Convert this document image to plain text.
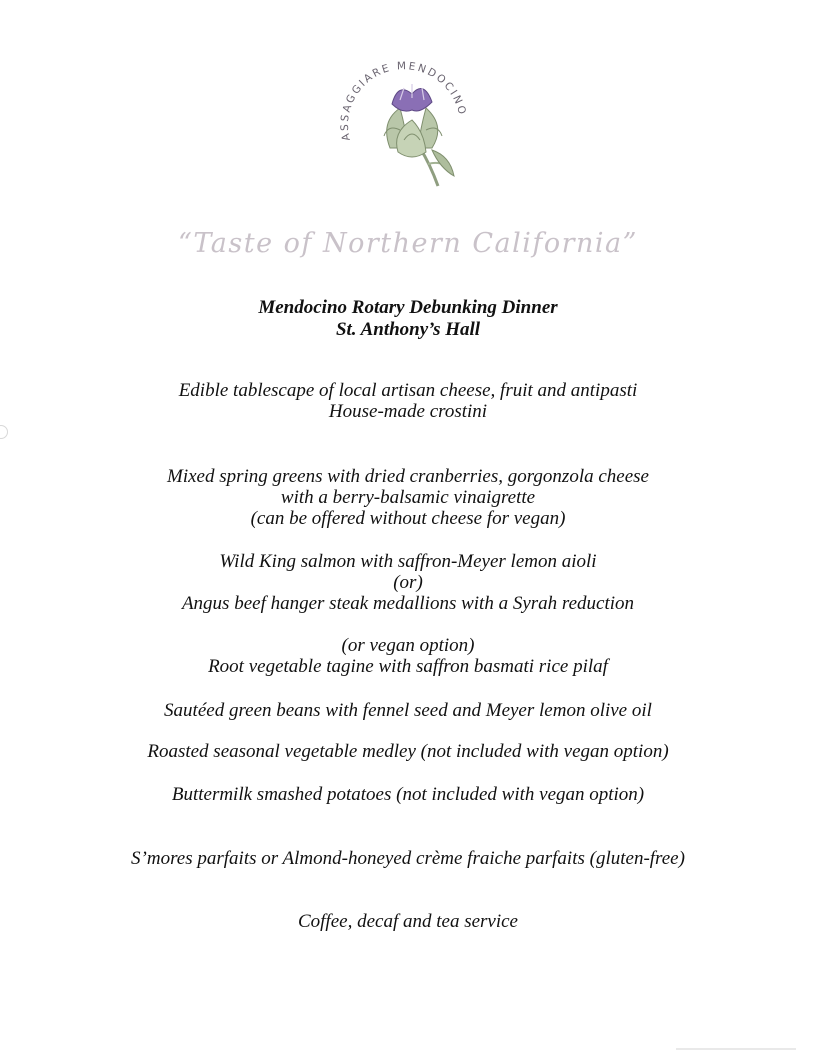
ASSAGGIARE MENDOCINO
“Taste of Northern California”
Mendocino Rotary Debunking Dinner
St. Anthony’s Hall
Edible tablescape of local artisan cheese, fruit and antipasti
House-made crostini
Mixed spring greens with dried cranberries, gorgonzola cheese
with a berry-balsamic vinaigrette
(can be offered without cheese for vegan)
Wild King salmon with saffron-Meyer lemon aioli
(or)
Angus beef hanger steak medallions with a Syrah reduction
(or vegan option)
Root vegetable tagine with saffron basmati rice pilaf
Sautéed green beans with fennel seed and Meyer lemon olive oil
Roasted seasonal vegetable medley (not included with vegan option)
Buttermilk smashed potatoes (not included with vegan option)
S’mores parfaits or Almond-honeyed crème fraiche parfaits (gluten-free)
Coffee, decaf and tea service
